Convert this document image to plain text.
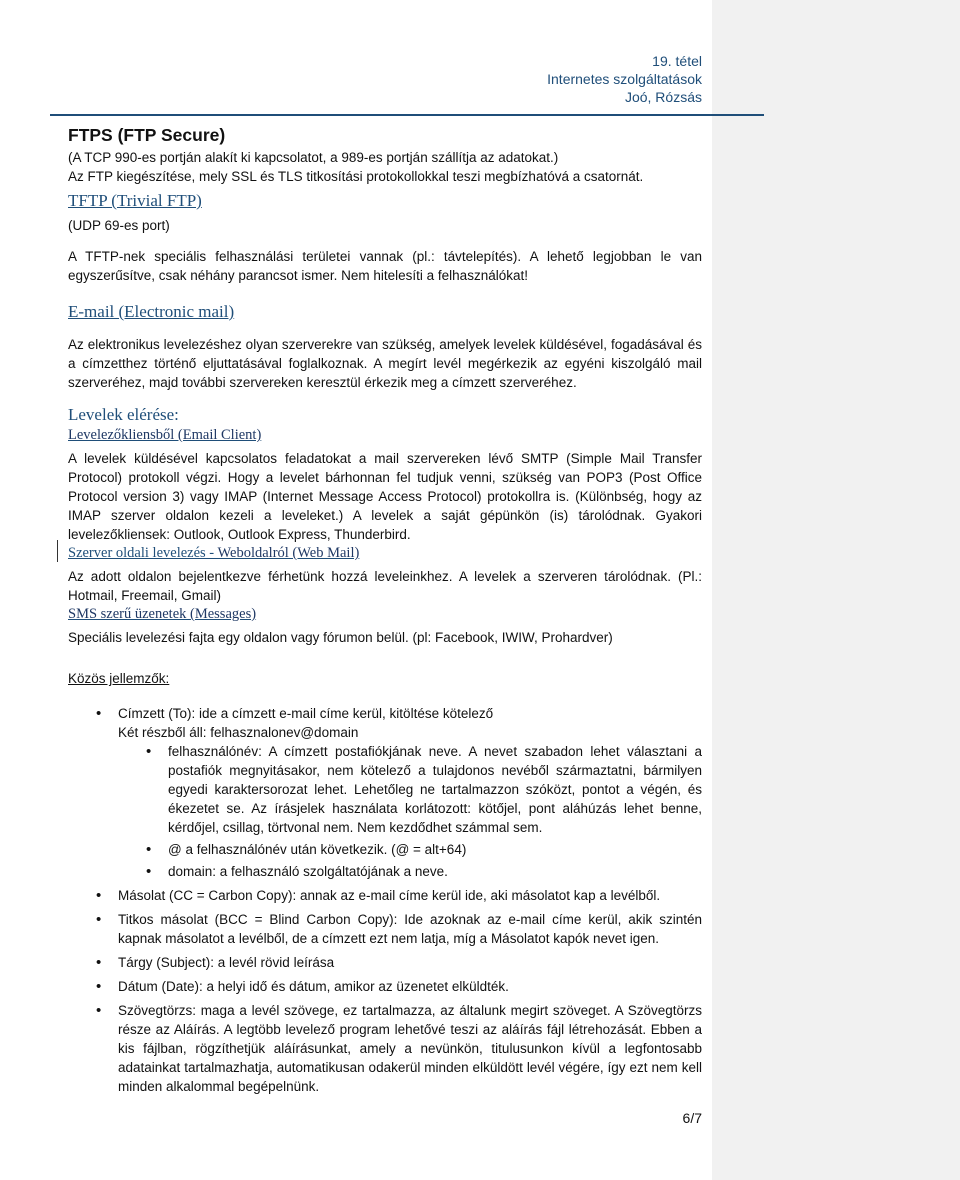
19. tétel
Internetes szolgáltatások
Joó, Rózsás
FTPS (FTP Secure)

(A TCP 990-es portján alakít ki kapcsolatot, a 989-es portján szállítja az adatokat.)

Az FTP kiegészítése, mely SSL és TLS titkosítási protokollokkal teszi megbízhatóvá a csatornát.

TFTP (Trivial FTP)

(UDP 69-es port)

A TFTP-nek speciális felhasználási területei vannak (pl.: távtelepítés). A lehető legjobban le van egyszerűsítve, csak néhány parancsot ismer. Nem hitelesíti a felhasználókat!

E-mail (Electronic mail)

Az elektronikus levelezéshez olyan szerverekre van szükség, amelyek levelek küldésével, fogadásával és a címzetthez történő eljuttatásával foglalkoznak. A megírt levél megérkezik az egyéni kiszolgáló mail szerveréhez, majd további szervereken keresztül érkezik meg a címzett szerveréhez.

Levelek elérése:
Levelezőkliensből (Email Client)

A levelek küldésével kapcsolatos feladatokat a mail szervereken lévő SMTP (Simple Mail Transfer Protocol) protokoll végzi. Hogy a levelet bárhonnan fel tudjuk venni, szükség van POP3 (Post Office Protocol version 3) vagy IMAP (Internet Message Access Protocol) protokollra is. (Különbség, hogy az IMAP szerver oldalon kezeli a leveleket.) A levelek a saját gépünkön (is) tárolódnak. Gyakori levelezőkliensek: Outlook, Outlook Express, Thunderbird.

Szerver oldali levelezés - Weboldalról (Web Mail)

Az adott oldalon bejelentkezve férhetünk hozzá leveleinkhez. A levelek a szerveren tárolódnak. (Pl.: Hotmail, Freemail, Gmail)

SMS szerű üzenetek (Messages)

Speciális levelezési fajta egy oldalon vagy fórumon belül. (pl: Facebook, IWIW, Prohardver)

Közös jellemzők:

• Címzett (To): ide a címzett e-mail címe kerül, kitöltése kötelező
Két részből áll: felhasznalonev@domain
• felhasználónév: A címzett postafiókjának neve. A nevet szabadon lehet választani a postafiók megnyitásakor, nem kötelező a tulajdonos nevéből származtatni, bármilyen egyedi karaktersorozat lehet. Lehetőleg ne tartalmazzon szóközt, pontot a végén, és ékezetet se. Az írásjelek használata korlátozott: kötőjel, pont aláhúzás lehet benne, kérdőjel, csillag, törtvonal nem. Nem kezdődhet számmal sem.
• @ a felhasználónév után következik. (@ = alt+64)
• domain: a felhasználó szolgáltatójának a neve.
• Másolat (CC = Carbon Copy): annak az e-mail címe kerül ide, aki másolatot kap a levélből.
• Titkos másolat (BCC = Blind Carbon Copy): Ide azoknak az e-mail címe kerül, akik szintén kapnak másolatot a levélből, de a címzett ezt nem latja, míg a Másolatot kapók nevet igen.
• Tárgy (Subject): a levél rövid leírása
• Dátum (Date): a helyi idő és dátum, amikor az üzenetet elküldték.
• Szövegtörzs: maga a levél szövege, ez tartalmazza, az általunk megirt szöveget. A Szövegtörzs része az Aláírás. A legtöbb levelező program lehetővé teszi az aláírás fájl létrehozását. Ebben a kis fájlban, rögzíthetjük aláírásunkat, amely a nevünkön, titulusunkon kívül a legfontosabb adatainkat tartalmazhatja, automatikusan odakerül minden elküldött levél végére, így ezt nem kell minden alkalommal begépelnünk.
6/7
